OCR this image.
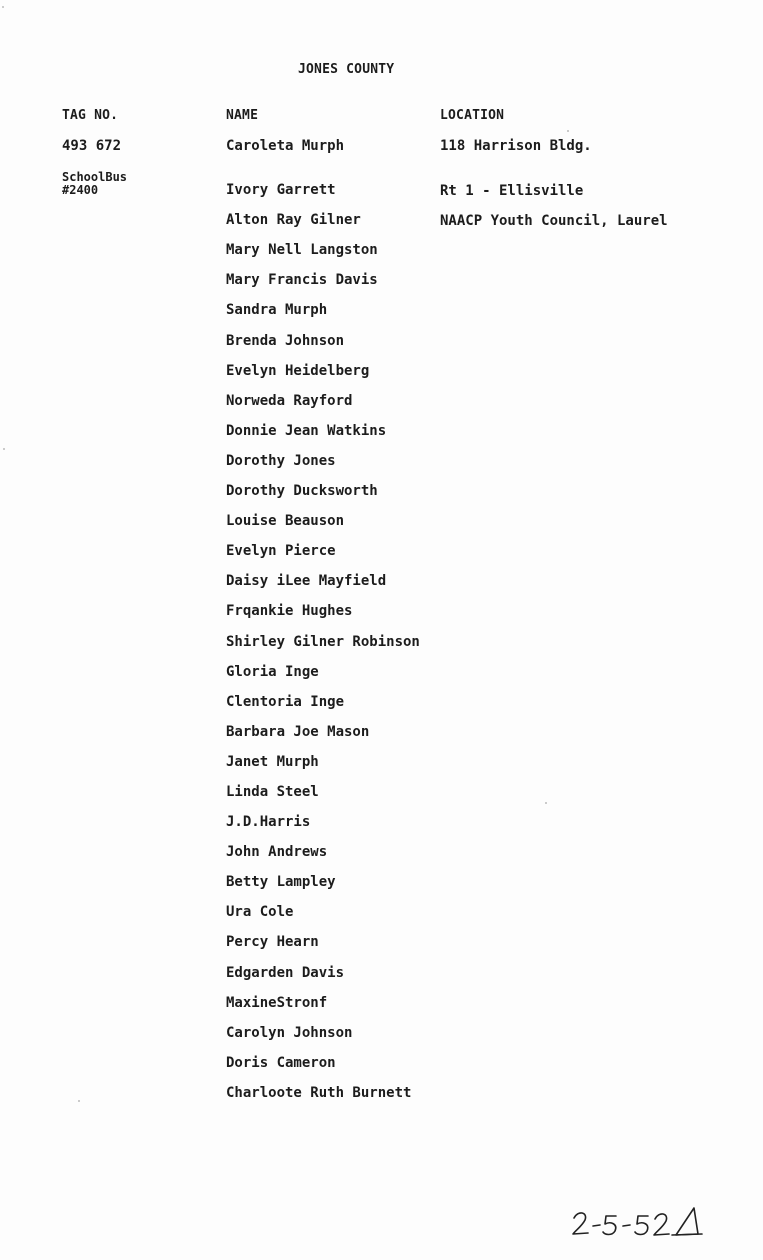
JONES COUNTY
TAG NO.	NAME	LOCATION
493 672
SchoolBus
#2400
Caroleta Murph
Ivory Garrett
Alton Ray Gilner
Mary Nell Langston
Mary Francis Davis
Sandra Murph
Brenda Johnson
Evelyn Heidelberg
Norweda Rayford
Donnie Jean Watkins
Dorothy Jones
Dorothy Ducksworth
Louise Beauson
Evelyn Pierce
Daisy iLee Mayfield
Frqankie Hughes
Shirley Gilner Robinson
Gloria Inge
Clentoria Inge
Barbara Joe Mason
Janet Murph
Linda Steel
J.D.Harris
John Andrews
Betty Lampley
Ura Cole
Percy Hearn
Edgarden Davis
MaxineStronf
Carolyn Johnson
Doris Cameron
Charloote Ruth Burnett
118 Harrison Bldg.
Rt 1 - Ellisville
NAACP Youth Council, Laurel
